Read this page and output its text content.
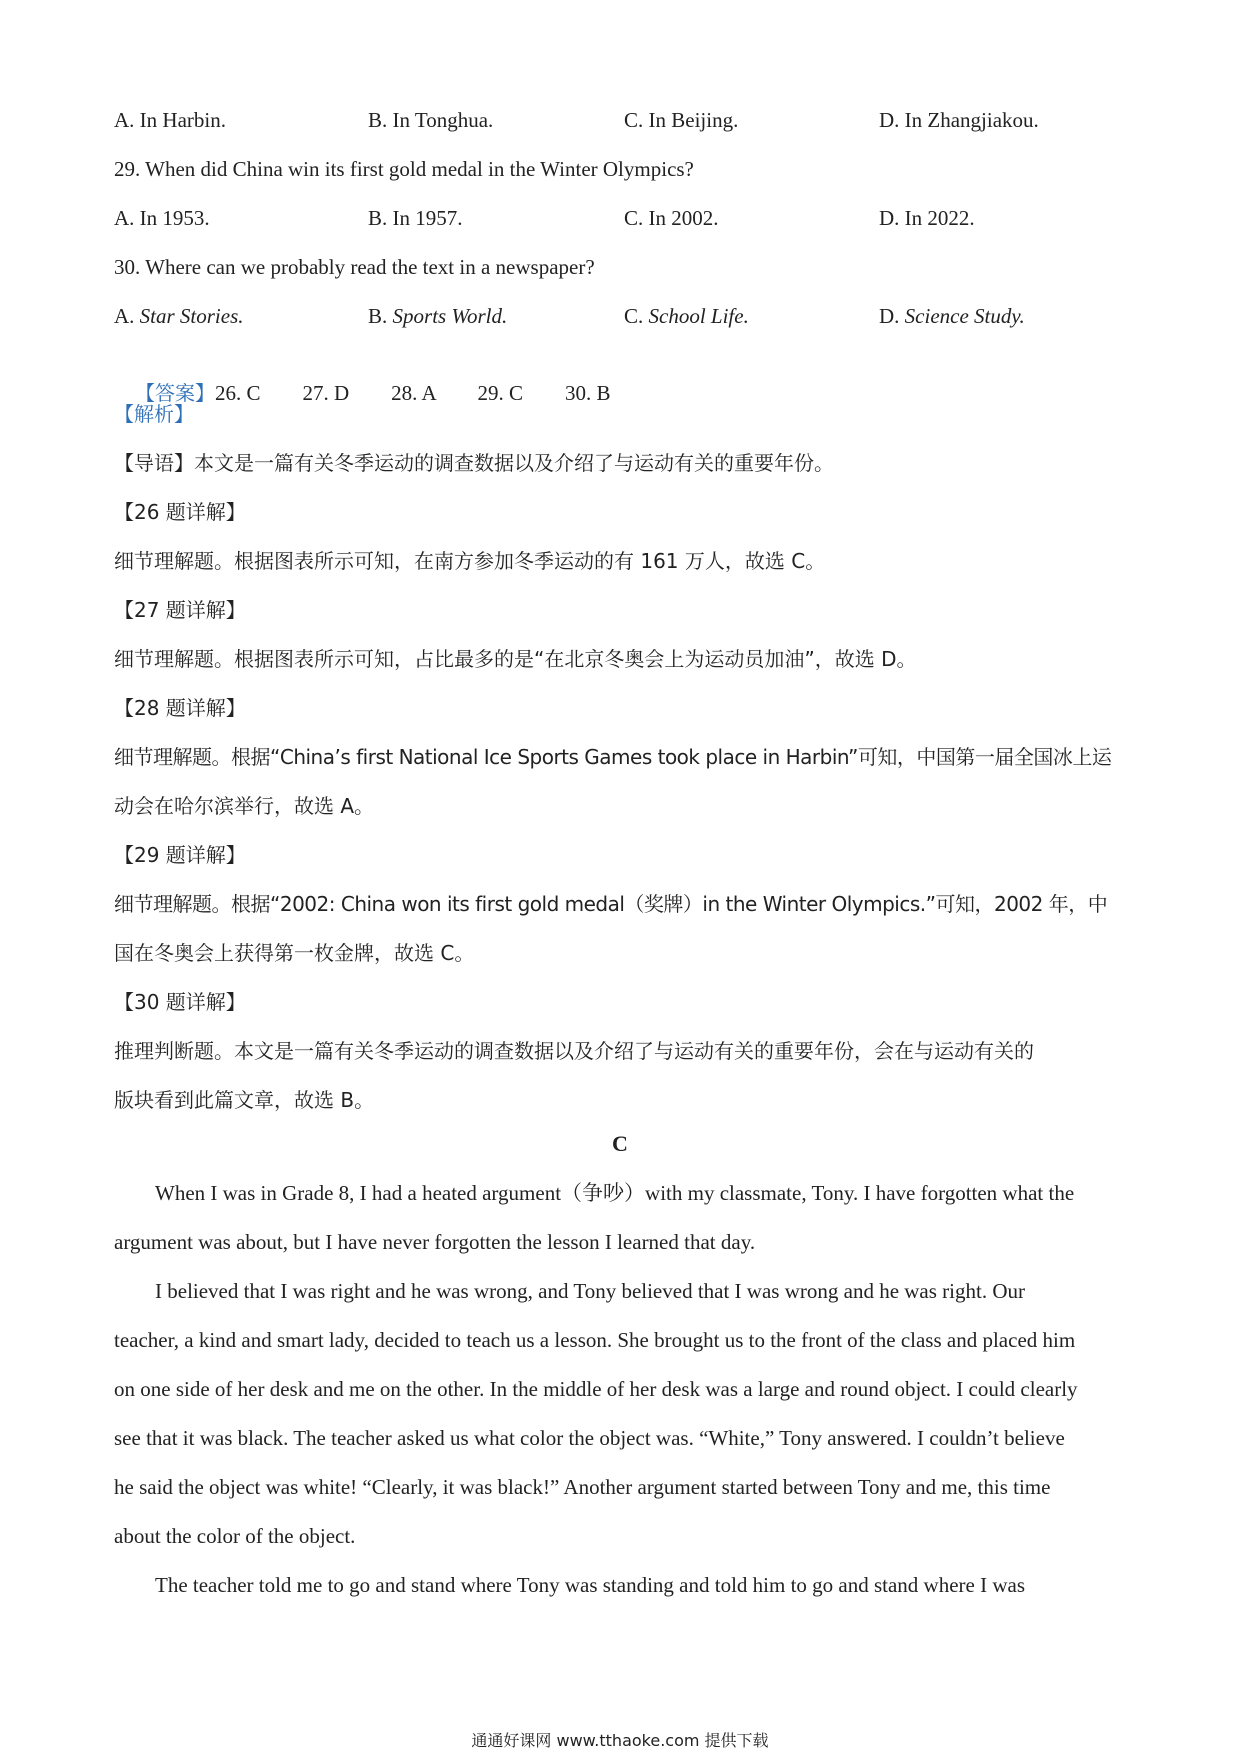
A. In Harbin.	B. In Tonghua.	C. In Beijing.	D. In Zhangjiakou.
29. When did China win its first gold medal in the Winter Olympics?
A. In 1953.	B. In 1957.	C. In 2002.	D. In 2022.
30. Where can we probably read the text in a newspaper?
A. Star Stories.	B. Sports World.	C. School Life.	D. Science Study.

【答案】26. C        27. D        28. A        29. C        30. B

【解析】
【导语】本文是一篇有关冬季运动的调查数据以及介绍了与运动有关的重要年份。
【26 题详解】
细节理解题。根据图表所示可知，在南方参加冬季运动的有 161 万人，故选 C。
【27 题详解】
细节理解题。根据图表所示可知，占比最多的是“在北京冬奥会上为运动员加油”，故选 D。
【28 题详解】
细节理解题。根据“China’s first National Ice Sports Games took place in Harbin”可知，中国第一届全国冰上运
动会在哈尔滨举行，故选 A。
【29 题详解】
细节理解题。根据“2002: China won its first gold medal（奖牌）in the Winter Olympics.”可知，2002 年，中
国在冬奥会上获得第一枚金牌，故选 C。
【30 题详解】
推理判断题。本文是一篇有关冬季运动的调查数据以及介绍了与运动有关的重要年份，会在与运动有关的
版块看到此篇文章，故选 B。
C
When I was in Grade 8, I had a heated argument（争吵）with my classmate, Tony. I have forgotten what the
argument was about, but I have never forgotten the lesson I learned that day.
I believed that I was right and he was wrong, and Tony believed that I was wrong and he was right. Our
teacher, a kind and smart lady, decided to teach us a lesson. She brought us to the front of the class and placed him
on one side of her desk and me on the other. In the middle of her desk was a large and round object. I could clearly
see that it was black. The teacher asked us what color the object was. “White,” Tony answered. I couldn’t believe
he said the object was white! “Clearly, it was black!” Another argument started between Tony and me, this time
about the color of the object.
The teacher told me to go and stand where Tony was standing and told him to go and stand where I was
通通好课网 www.tthaoke.com 提供下载
